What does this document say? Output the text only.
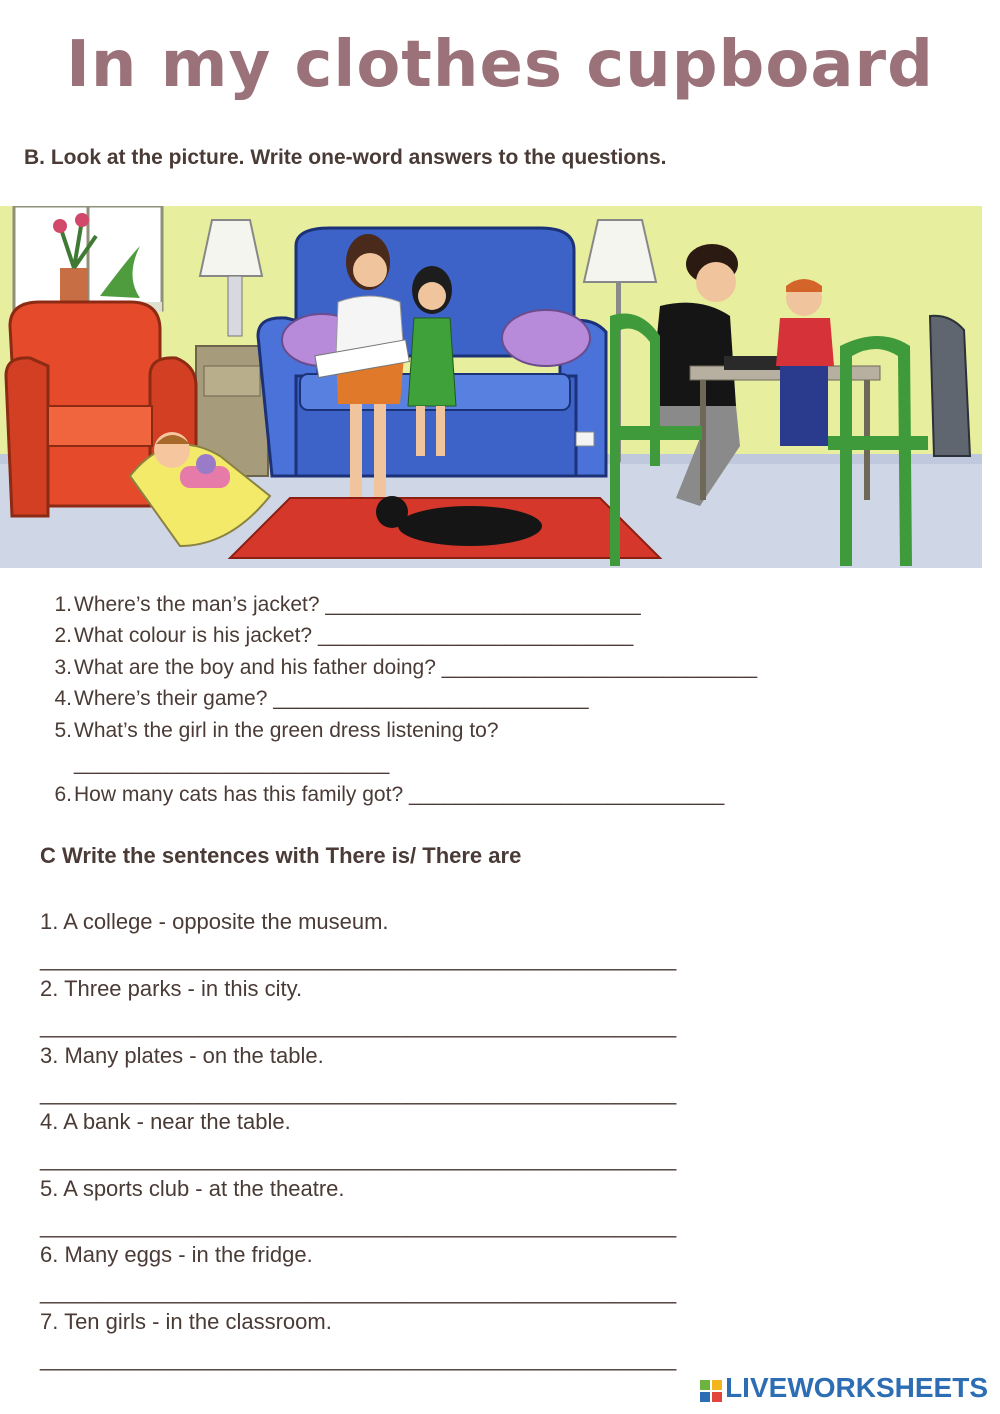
In my clothes cupboard
B. Look at the picture. Write one-word answers to the questions.
1.Where’s the man’s jacket? ___________________________
2.What colour is his jacket? ___________________________
3.What are the boy and his father doing? ___________________________
4.Where’s their game? ___________________________
5.What’s the girl in the green dress listening to?
___________________________
6.How many cats has this family got? ___________________________
C Write the sentences with There is/ There are
1. A college - opposite the museum.
____________________________________________________
2. Three parks - in this city.
____________________________________________________
3. Many plates - on the table.
____________________________________________________
4. A bank - near the table.
____________________________________________________
5. A sports club - at the theatre.
____________________________________________________
6. Many eggs - in the fridge.
____________________________________________________
7. Ten girls - in the classroom.
____________________________________________________
LIVEWORKSHEETS
